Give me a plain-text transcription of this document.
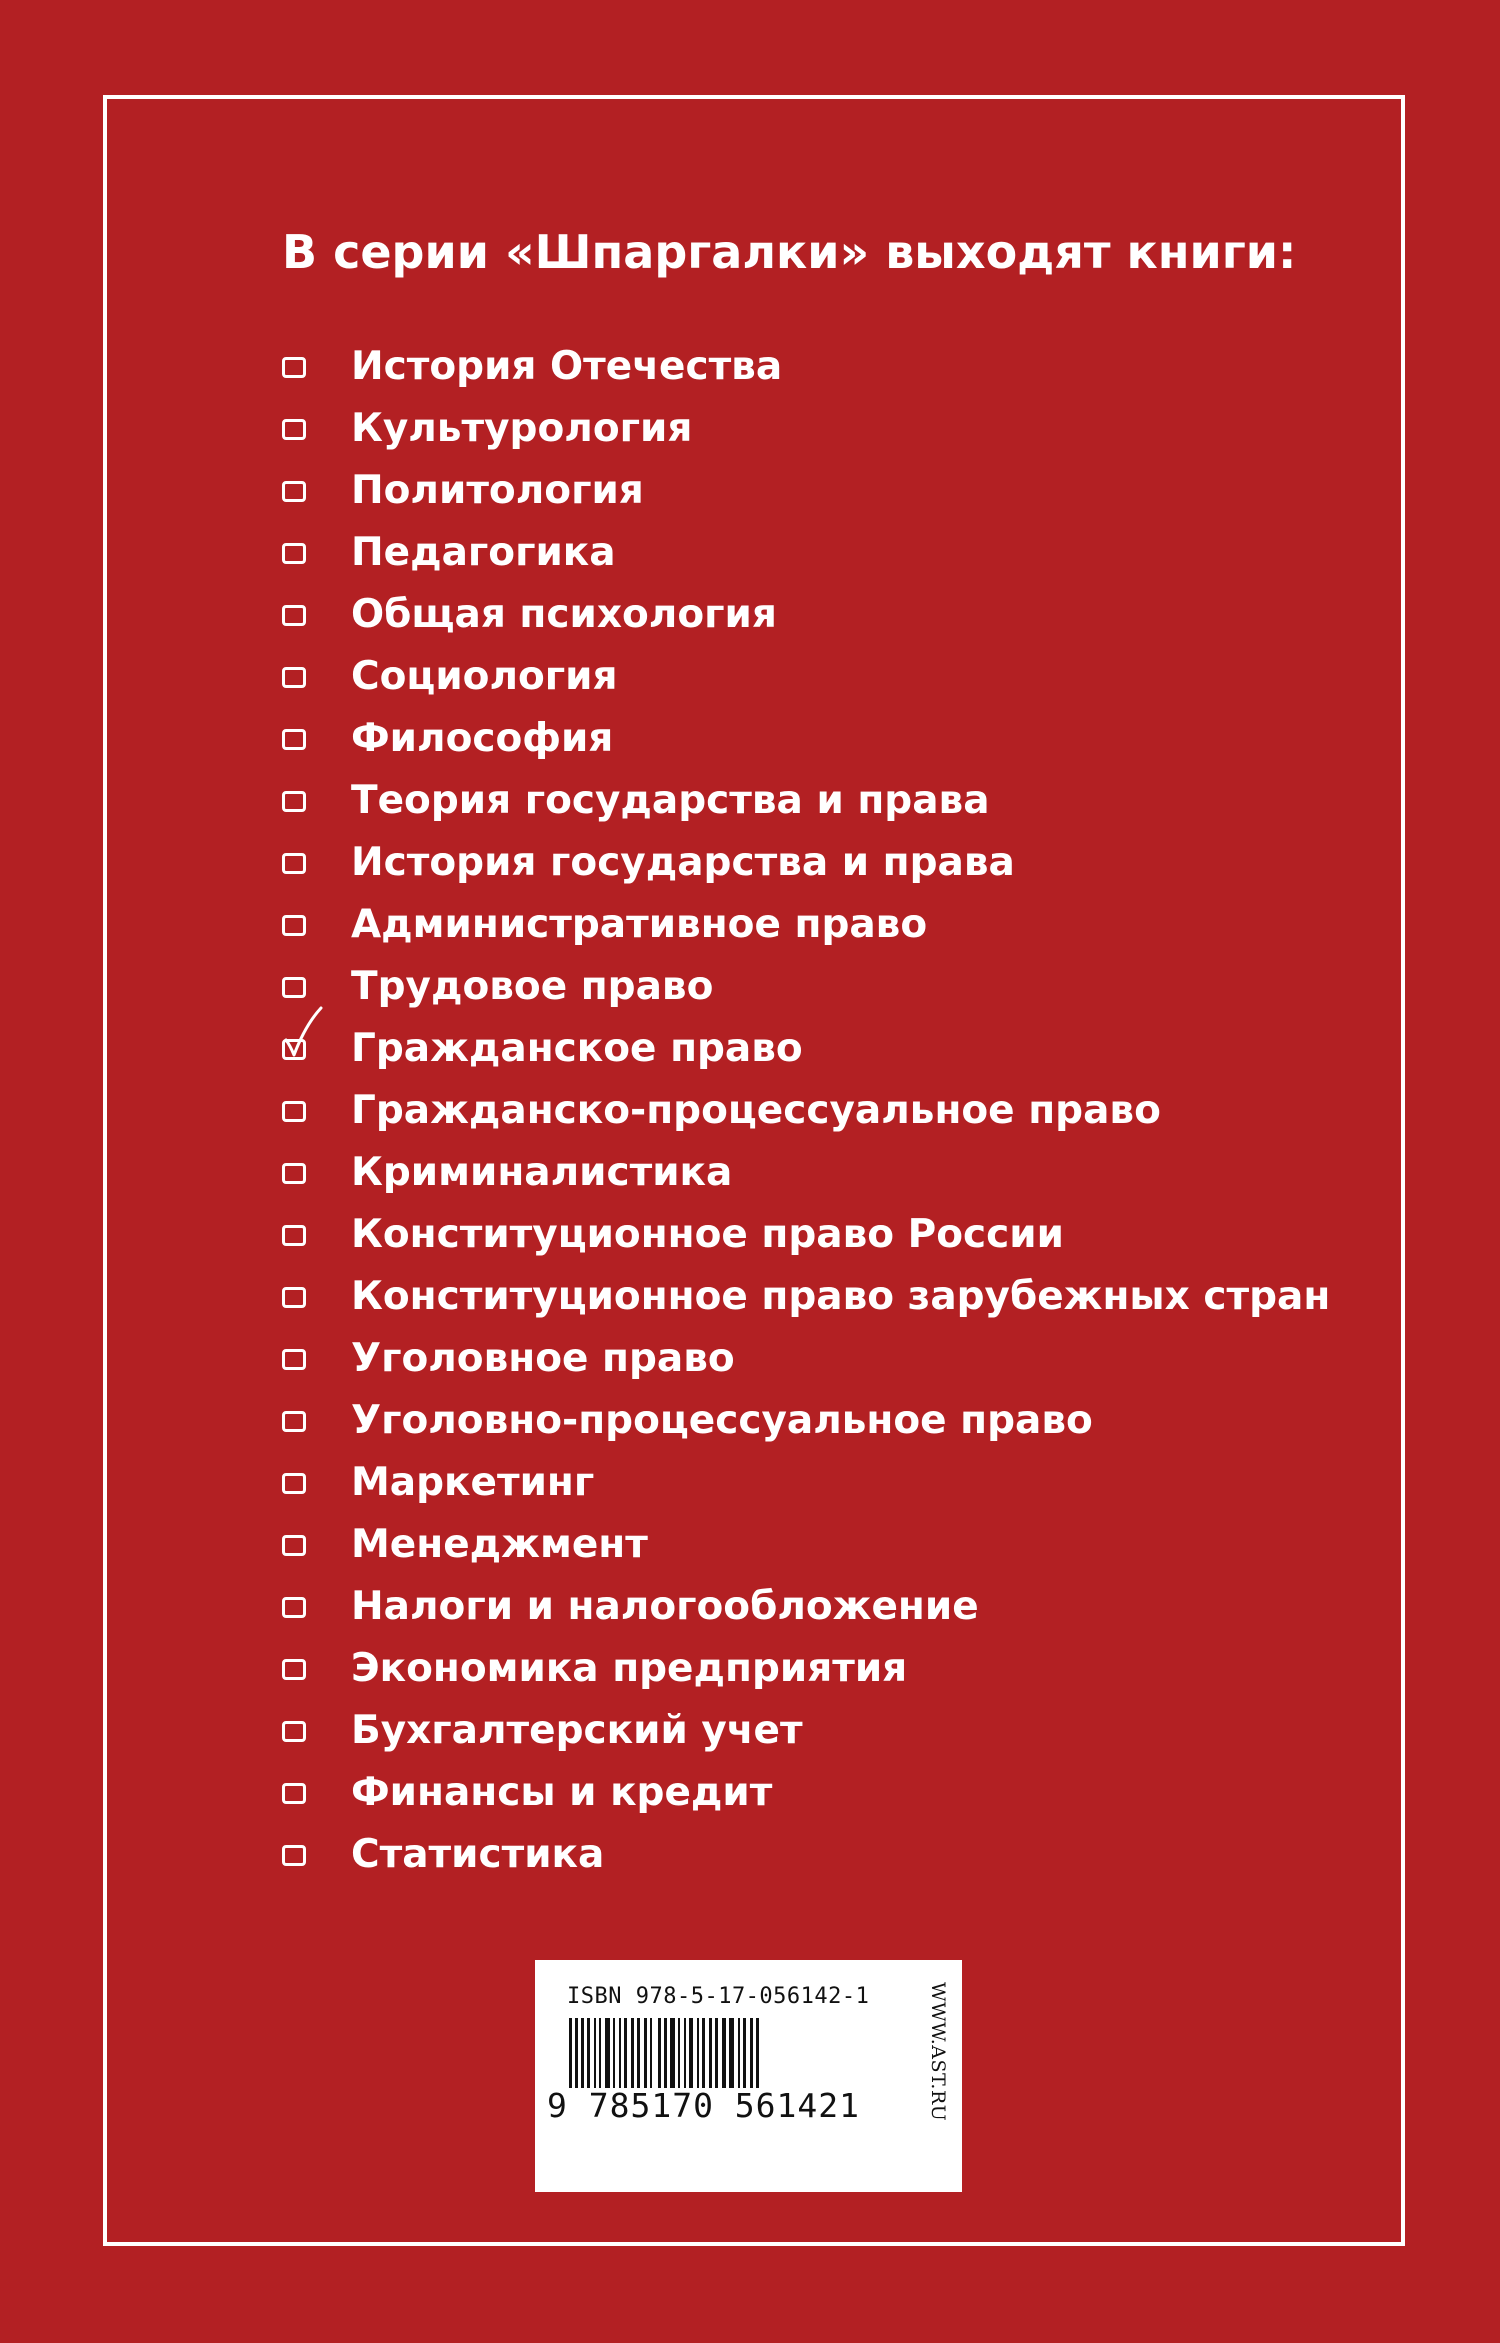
В серии «Шпаргалки» выходят книги:
История Отечества
Культурология
Политология
Педагогика
Общая психология
Социология
Философия
Теория государства и права
История государства и права
Административное право
Трудовое право
Гражданское право
Гражданско-процессуальное право
Криминалистика
Конституционное право России
Конституционное право зарубежных стран
Уголовное право
Уголовно-процессуальное право
Маркетинг
Менеджмент
Налоги и налогообложение
Экономика предприятия
Бухгалтерский учет
Финансы и кредит
Статистика
ISBN 978-5-17-056142-1
9 785170 561421	WWW.AST.RU
